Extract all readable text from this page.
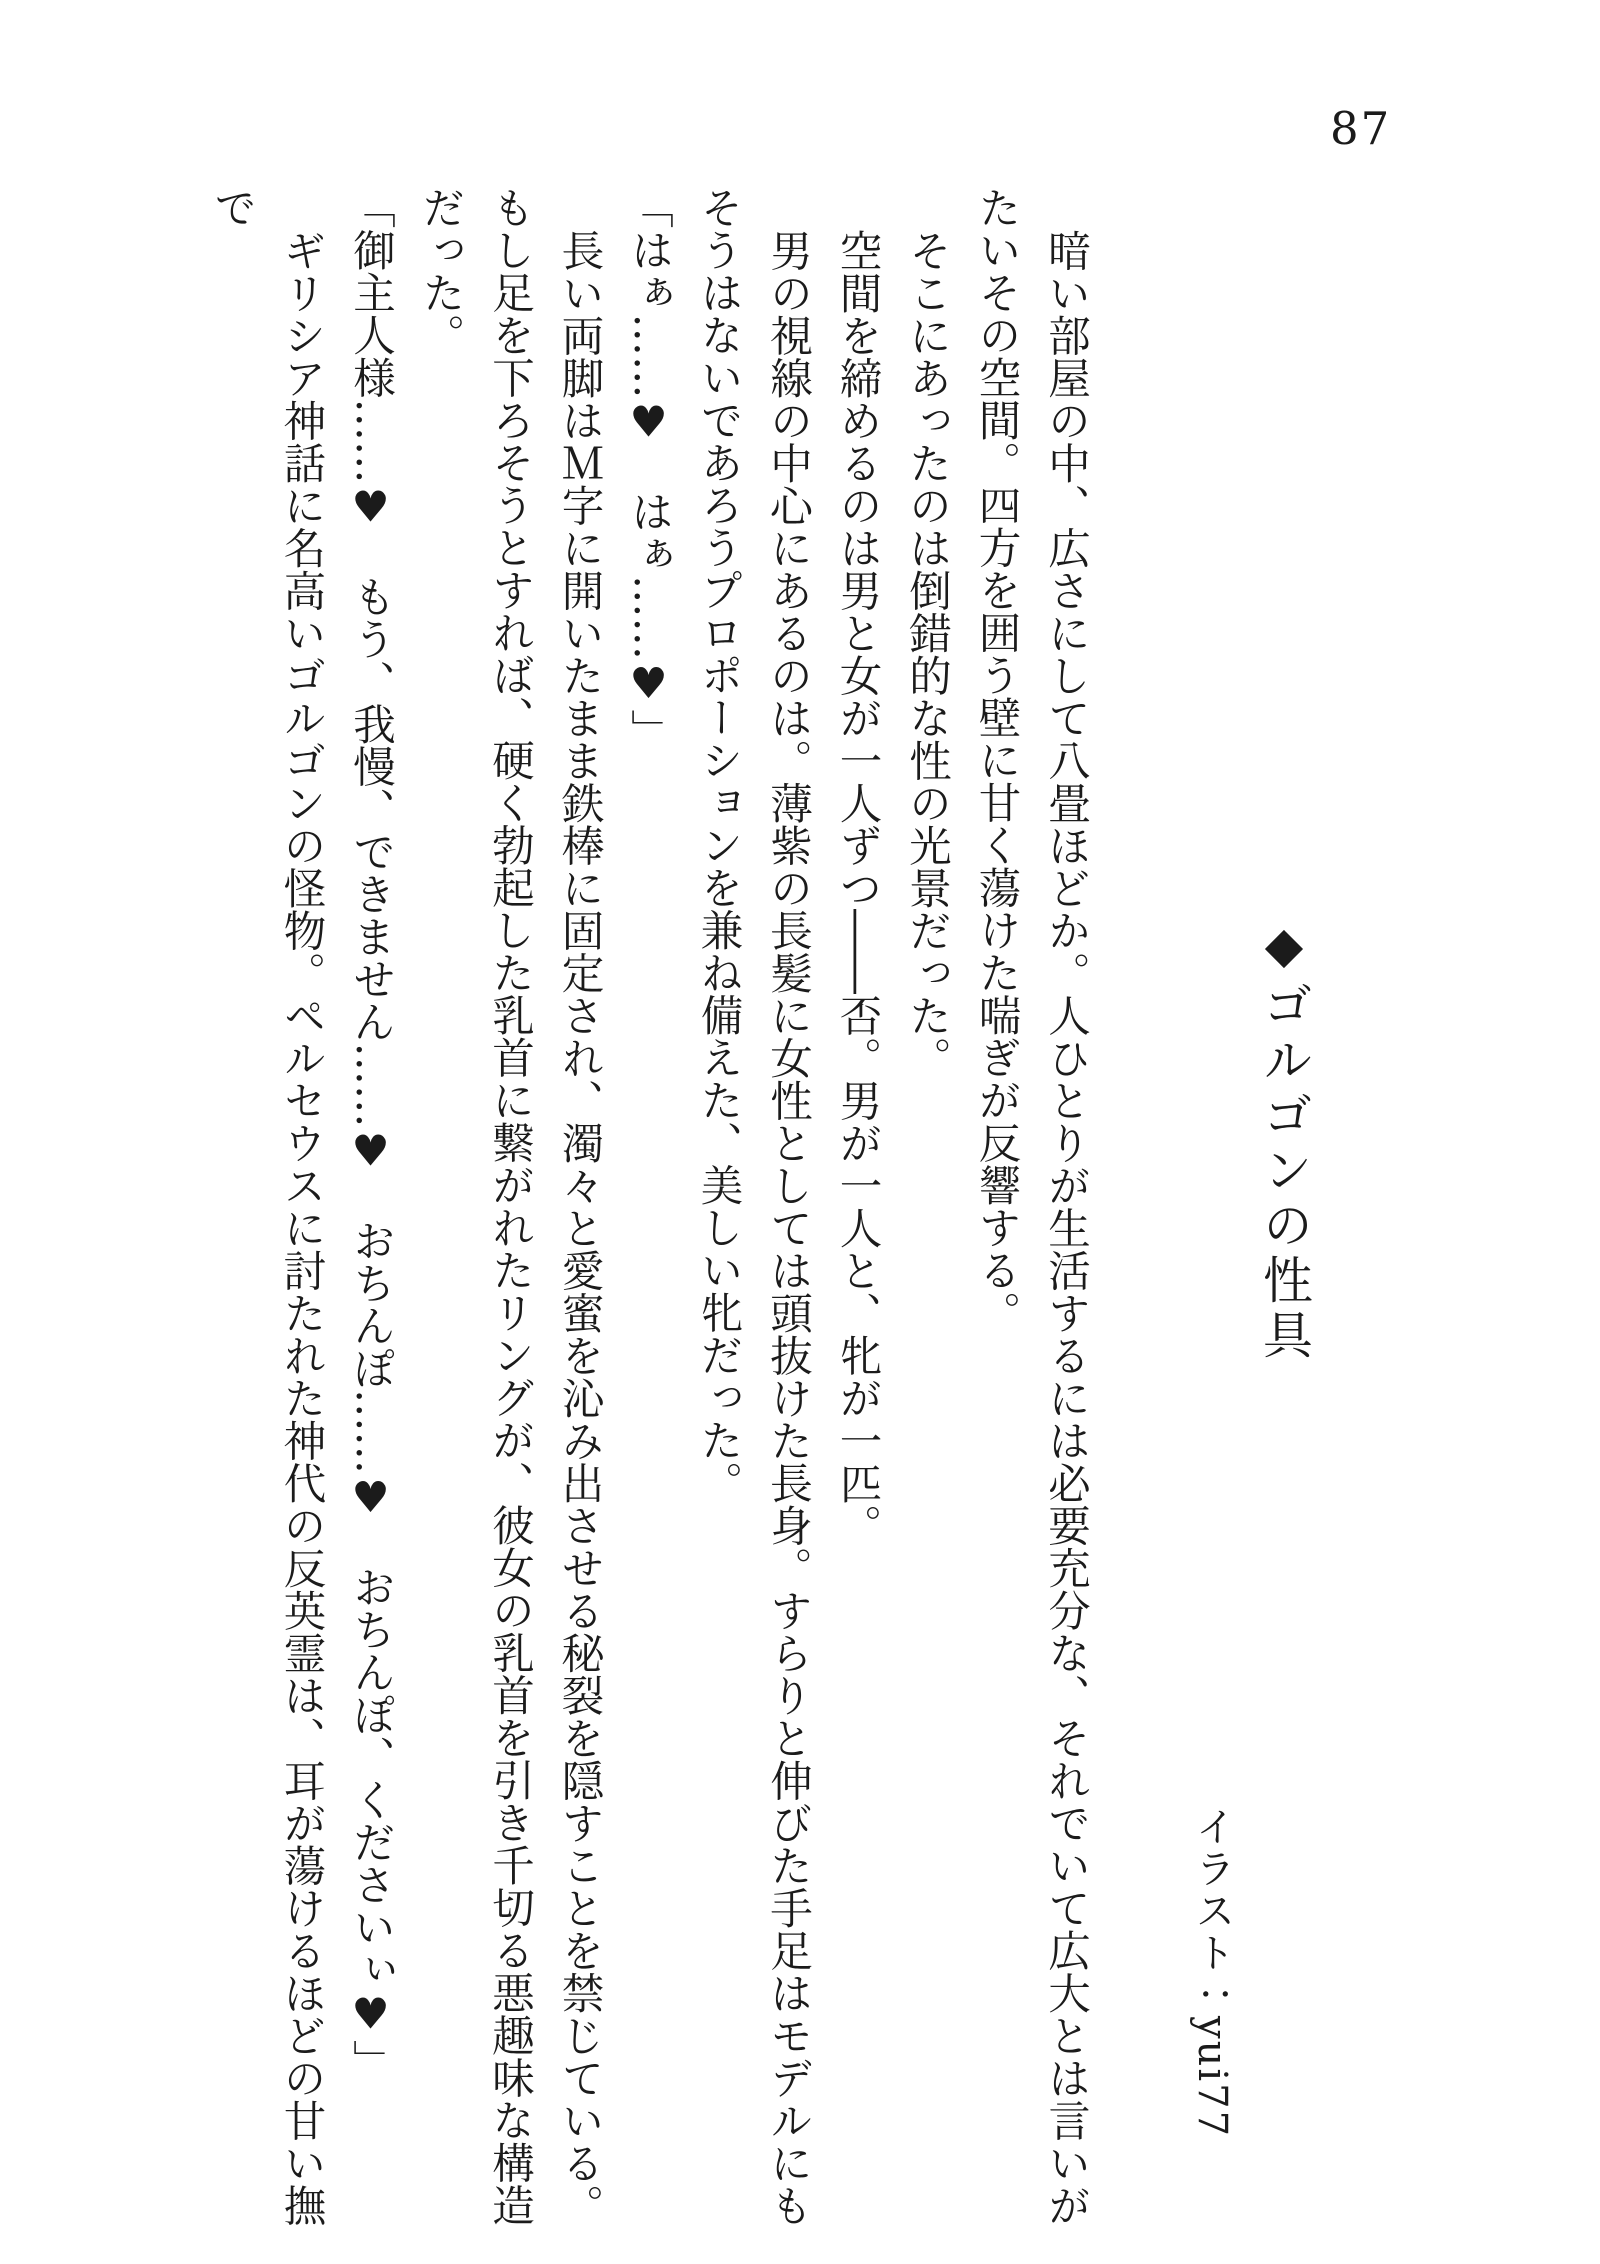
87
◆ゴルゴンの性具
イラスト：yui77

暗い部屋の中、広さにして八畳ほどか。人ひとりが生活するには必要充分な、それでいて広大とは言いがたいその空間。四方を囲う壁に甘く蕩けた喘ぎが反響する。

そこにあったのは倒錯的な性の光景だった。

空間を締めるのは男と女が一人ずつ――否。男が一人と、牝が一匹。

男の視線の中心にあるのは。薄紫の長髪に女性としては頭抜けた長身。すらりと伸びた手足はモデルにもそうはないであろうプロポーションを兼ね備えた、美しい牝だった。

「はぁ……♥　はぁ……♥」

長い両脚はＭ字に開いたまま鉄棒に固定され、濁々と愛蜜を沁み出させる秘裂を隠すことを禁じている。もし足を下ろそうとすれば、硬く勃起した乳首に繋がれたリングが、彼女の乳首を引き千切る悪趣味な構造だった。

「御主人様……♥　もう、我慢、できません……♥　おちんぽ……♥　おちんぽ、くださいぃ♥」

ギリシア神話に名高いゴルゴンの怪物。ペルセウスに討たれた神代の反英霊は、耳が蕩けるほどの甘い撫で
